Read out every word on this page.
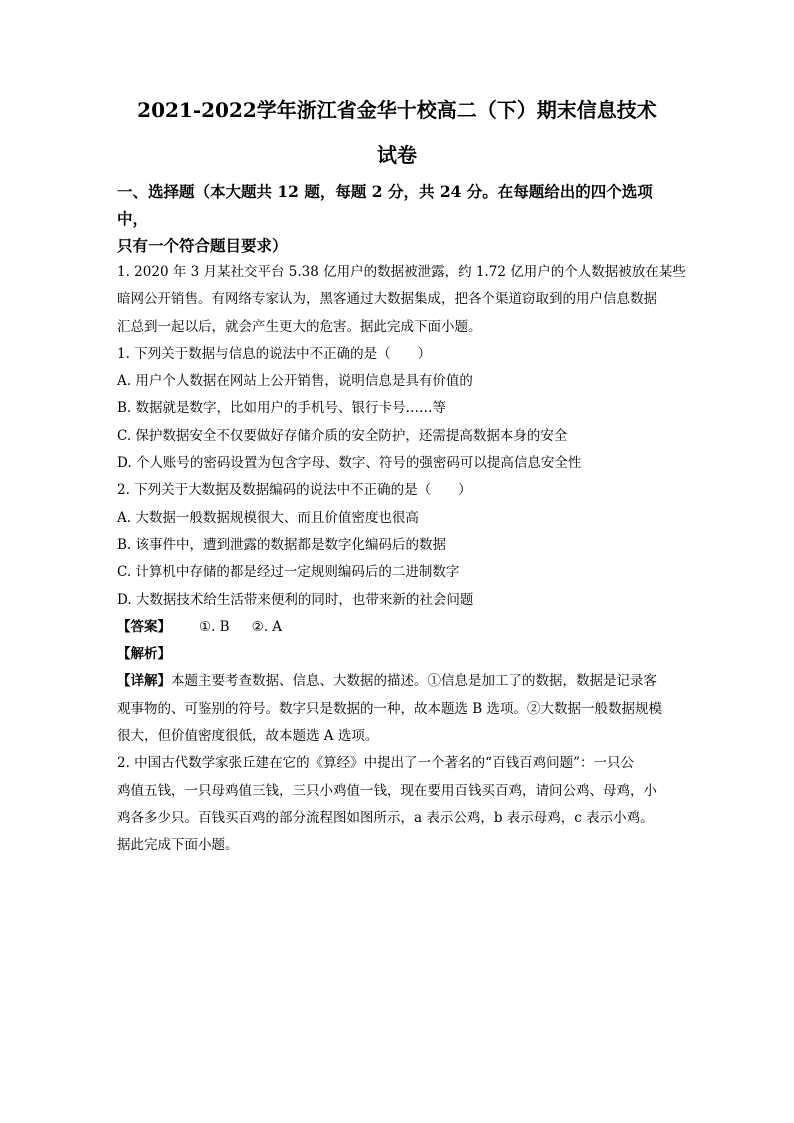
2021-2022学年浙江省金华十校高二（下）期末信息技术
试卷

一、选择题（本大题共 12 题，每题 2 分，共 24 分。在每题给出的四个选项中，

只有一个符合题目要求）

1. 2020 年 3 月某社交平台 5.38 亿用户的数据被泄露，约 1.72 亿用户的个人数据被放在某些

暗网公开销售。有网络专家认为，黑客通过大数据集成，把各个渠道窃取到的用户信息数据

汇总到一起以后，就会产生更大的危害。据此完成下面小题。

1. 下列关于数据与信息的说法中不正确的是（　　）

A. 用户个人数据在网站上公开销售，说明信息是具有价值的

B. 数据就是数字，比如用户的手机号、银行卡号……等

C. 保护数据安全不仅要做好存储介质的安全防护，还需提高数据本身的安全

D. 个人账号的密码设置为包含字母、数字、符号的强密码可以提高信息安全性

2. 下列关于大数据及数据编码的说法中不正确的是（　　）

A. 大数据一般数据规模很大、而且价值密度也很高

B. 该事件中，遭到泄露的数据都是数字化编码后的数据

C. 计算机中存储的都是经过一定规则编码后的二进制数字

D. 大数据技术给生活带来便利的同时，也带来新的社会问题

【答案】 ①. B ②. A

【解析】

【详解】本题主要考查数据、信息、大数据的描述。①信息是加工了的数据，数据是记录客

观事物的、可鉴别的符号。数字只是数据的一种，故本题选 B 选项。②大数据一般数据规模

很大，但价值密度很低，故本题选 A 选项。

2. 中国古代数学家张丘建在它的《算经》中提出了一个著名的“百钱百鸡问题”：一只公

鸡值五钱，一只母鸡值三钱，三只小鸡值一钱，现在要用百钱买百鸡，请问公鸡、母鸡，小

鸡各多少只。百钱买百鸡的部分流程图如图所示，a 表示公鸡，b 表示母鸡，c 表示小鸡。

据此完成下面小题。
